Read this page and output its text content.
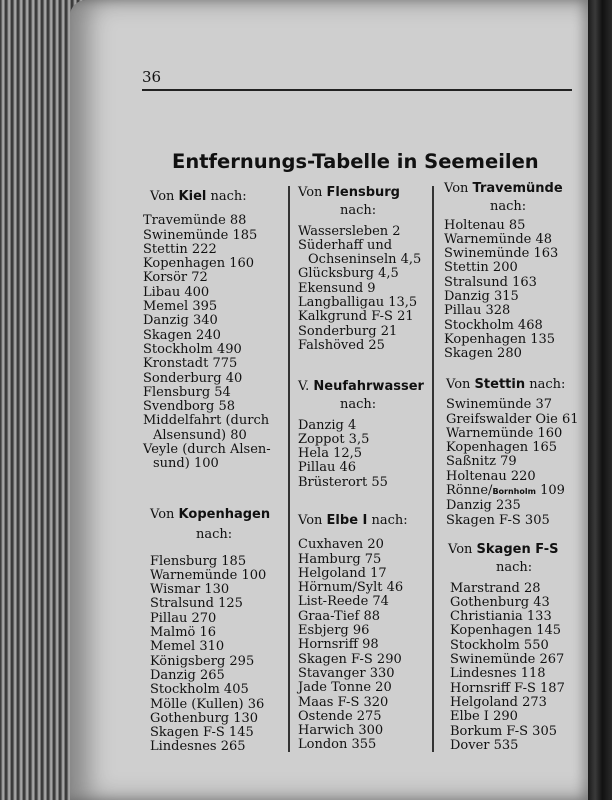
36
Entfernungs-Tabelle in Seemeilen
Von Kiel nach:
Travemünde 88
Swinemünde 185
Stettin 222
Kopenhagen 160
Korsör 72
Libau 400
Memel 395
Danzig 340
Skagen 240
Stockholm 490
Kronstadt 775
Sonderburg 40
Flensburg 54
Svendborg 58
Middelfahrt (durch
Alsensund) 80
Veyle (durch Alsen-
sund) 100
Von Kopenhagen
nach:
Flensburg 185
Warnemünde 100
Wismar 130
Stralsund 125
Pillau 270
Malmö 16
Memel 310
Königsberg 295
Danzig 265
Stockholm 405
Mölle (Kullen) 36
Gothenburg 130
Skagen F-S 145
Lindesnes 265
Von Flensburg
nach:
Wassersleben 2
Süderhaff und
Ochseninseln 4,5
Glücksburg 4,5
Ekensund 9
Langballigau 13,5
Kalkgrund F-S 21
Sonderburg 21
Falshöved 25
V. Neufahrwasser
nach:
Danzig 4
Zoppot 3,5
Hela 12,5
Pillau 46
Brüsterort 55
Von Elbe I nach:
Cuxhaven 20
Hamburg 75
Helgoland 17
Hörnum/Sylt 46
List-Reede 74
Graa-Tief 88
Esbjerg 96
Hornsriff 98
Skagen F-S 290
Stavanger 330
Jade Tonne 20
Maas F-S 320
Ostende 275
Harwich 300
London 355
Von Travemünde
nach:
Holtenau 85
Warnemünde 48
Swinemünde 163
Stettin 200
Stralsund 163
Danzig 315
Pillau 328
Stockholm 468
Kopenhagen 135
Skagen 280
Von Stettin nach:
Swinemünde 37
Greifswalder Oie 61
Warnemünde 160
Kopenhagen 165
Saßnitz 79
Holtenau 220
Rönne/Bornholm 109
Danzig 235
Skagen F-S 305
Von Skagen F-S
nach:
Marstrand 28
Gothenburg 43
Christiania 133
Kopenhagen 145
Stockholm 550
Swinemünde 267
Lindesnes 118
Hornsriff F-S 187
Helgoland 273
Elbe I 290
Borkum F-S 305
Dover 535
